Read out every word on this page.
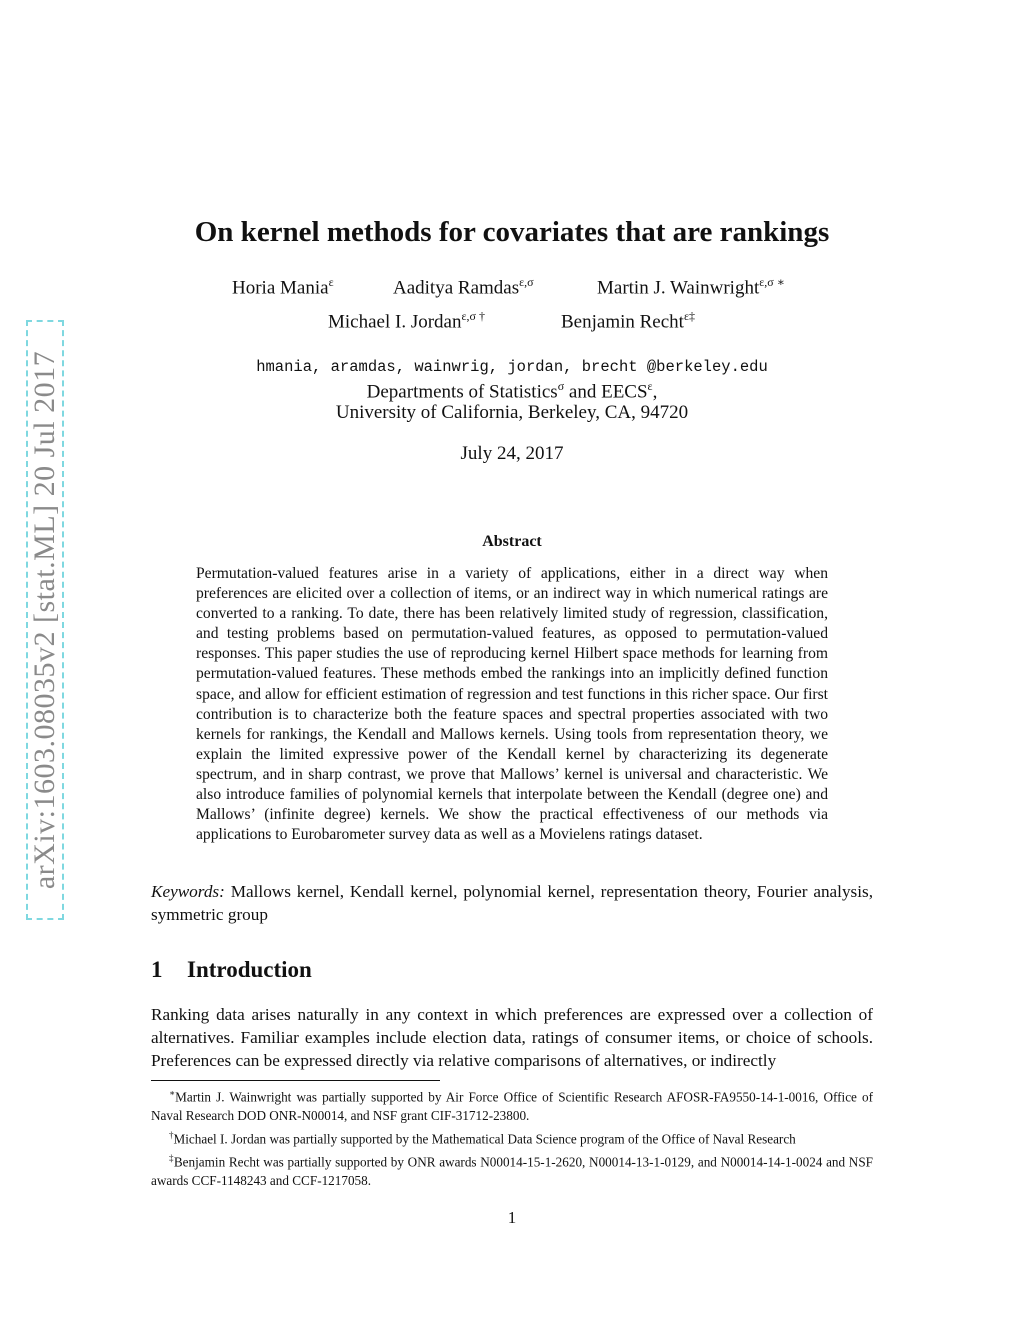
arXiv:1603.08035v2 [stat.ML] 20 Jul 2017
On kernel methods for covariates that are rankings
Horia Mania$^\varepsilon$	Aaditya Ramdas$^{\varepsilon,\sigma}$	Martin J. Wainwright$^{\varepsilon,\sigma ∗}$
Michael I. Jordan$^{\varepsilon,\sigma \dagger}$	Benjamin Recht$^{\varepsilon\ddagger}$
hmania, aramdas, wainwrig, jordan, brecht @berkeley.edu
Departments of Statistics$^\sigma$ and $EECS^\varepsilon$,
University of California, Berkeley, CA, 94720
July 24, 2017
Abstract
Permutation-valued features arise in a variety of applications, either in a direct way when preferences are elicited over a collection of items, or an indirect way in which numerical ratings are converted to a ranking. To date, there has been relatively limited study of regression, classification, and testing problems based on permutation-valued features, as opposed to permutation-valued responses. This paper studies the use of reproducing kernel Hilbert space methods for learning from permutation-valued features. These methods embed the rankings into an implicitly defined function space, and allow for efficient estimation of regression and test functions in this richer space. Our first contribution is to characterize both the feature spaces and spectral properties associated with two kernels for rankings, the Kendall and Mallows kernels. Using tools from representation theory, we explain the limited expressive power of the Kendall kernel by characterizing its degenerate spectrum, and in sharp contrast, we prove that Mallows’ kernel is universal and characteristic. We also introduce families of polynomial kernels that interpolate between the Kendall (degree one) and Mallows’ (infinite degree) kernels. We show the practical effectiveness of our methods via applications to Eurobarometer survey data as well as a Movielens ratings dataset.
Keywords: Mallows kernel, Kendall kernel, polynomial kernel, representation theory, Fourier analysis, symmetric group
1 Introduction
Ranking data arises naturally in any context in which preferences are expressed over a collection of alternatives. Familiar examples include election data, ratings of consumer items, or choice of schools. Preferences can be expressed directly via relative comparisons of alternatives, or indirectly

∗Martin J. Wainwright was partially supported by Air Force Office of Scientific Research AFOSR-FA9550-14-1-0016, Office of Naval Research DOD ONR-N00014, and NSF grant CIF-31712-23800.

†Michael I. Jordan was partially supported by the Mathematical Data Science program of the Office of Naval Research

‡Benjamin Recht was partially supported by ONR awards N00014-15-1-2620, N00014-13-1-0129, and N00014-14-1-0024 and NSF awards CCF-1148243 and CCF-1217058.

1
